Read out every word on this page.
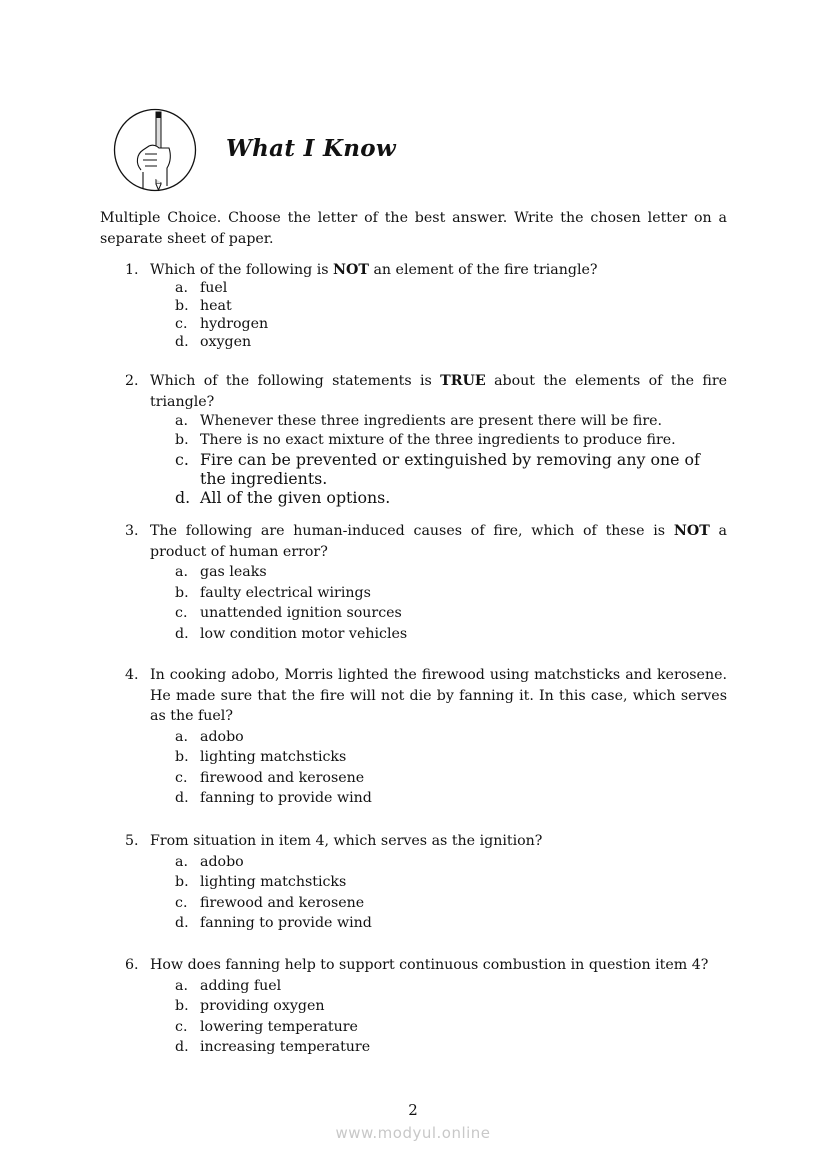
What I Know
Multiple Choice. Choose the letter of the best answer. Write the chosen letter on a separate sheet of paper.
1. Which of the following is NOT an element of the fire triangle?
a. fuel
b. heat
c. hydrogen
d. oxygen
2. Which of the following statements is TRUE about the elements of the fire triangle?
a. Whenever these three ingredients are present there will be fire.
b. There is no exact mixture of the three ingredients to produce fire.
c. Fire can be prevented or extinguished by removing any one of the ingredients.
d. All of the given options.
3. The following are human-induced causes of fire, which of these is NOT a product of human error?
a. gas leaks
b. faulty electrical wirings
c. unattended ignition sources
d. low condition motor vehicles
4. In cooking adobo, Morris lighted the firewood using matchsticks and kerosene. He made sure that the fire will not die by fanning it. In this case, which serves as the fuel?
a. adobo
b. lighting matchsticks
c. firewood and kerosene
d. fanning to provide wind
5. From situation in item 4, which serves as the ignition?
a. adobo
b. lighting matchsticks
c. firewood and kerosene
d. fanning to provide wind
6. How does fanning help to support continuous combustion in question item 4?
a. adding fuel
b. providing oxygen
c. lowering temperature
d. increasing temperature
2
www.modyul.online
